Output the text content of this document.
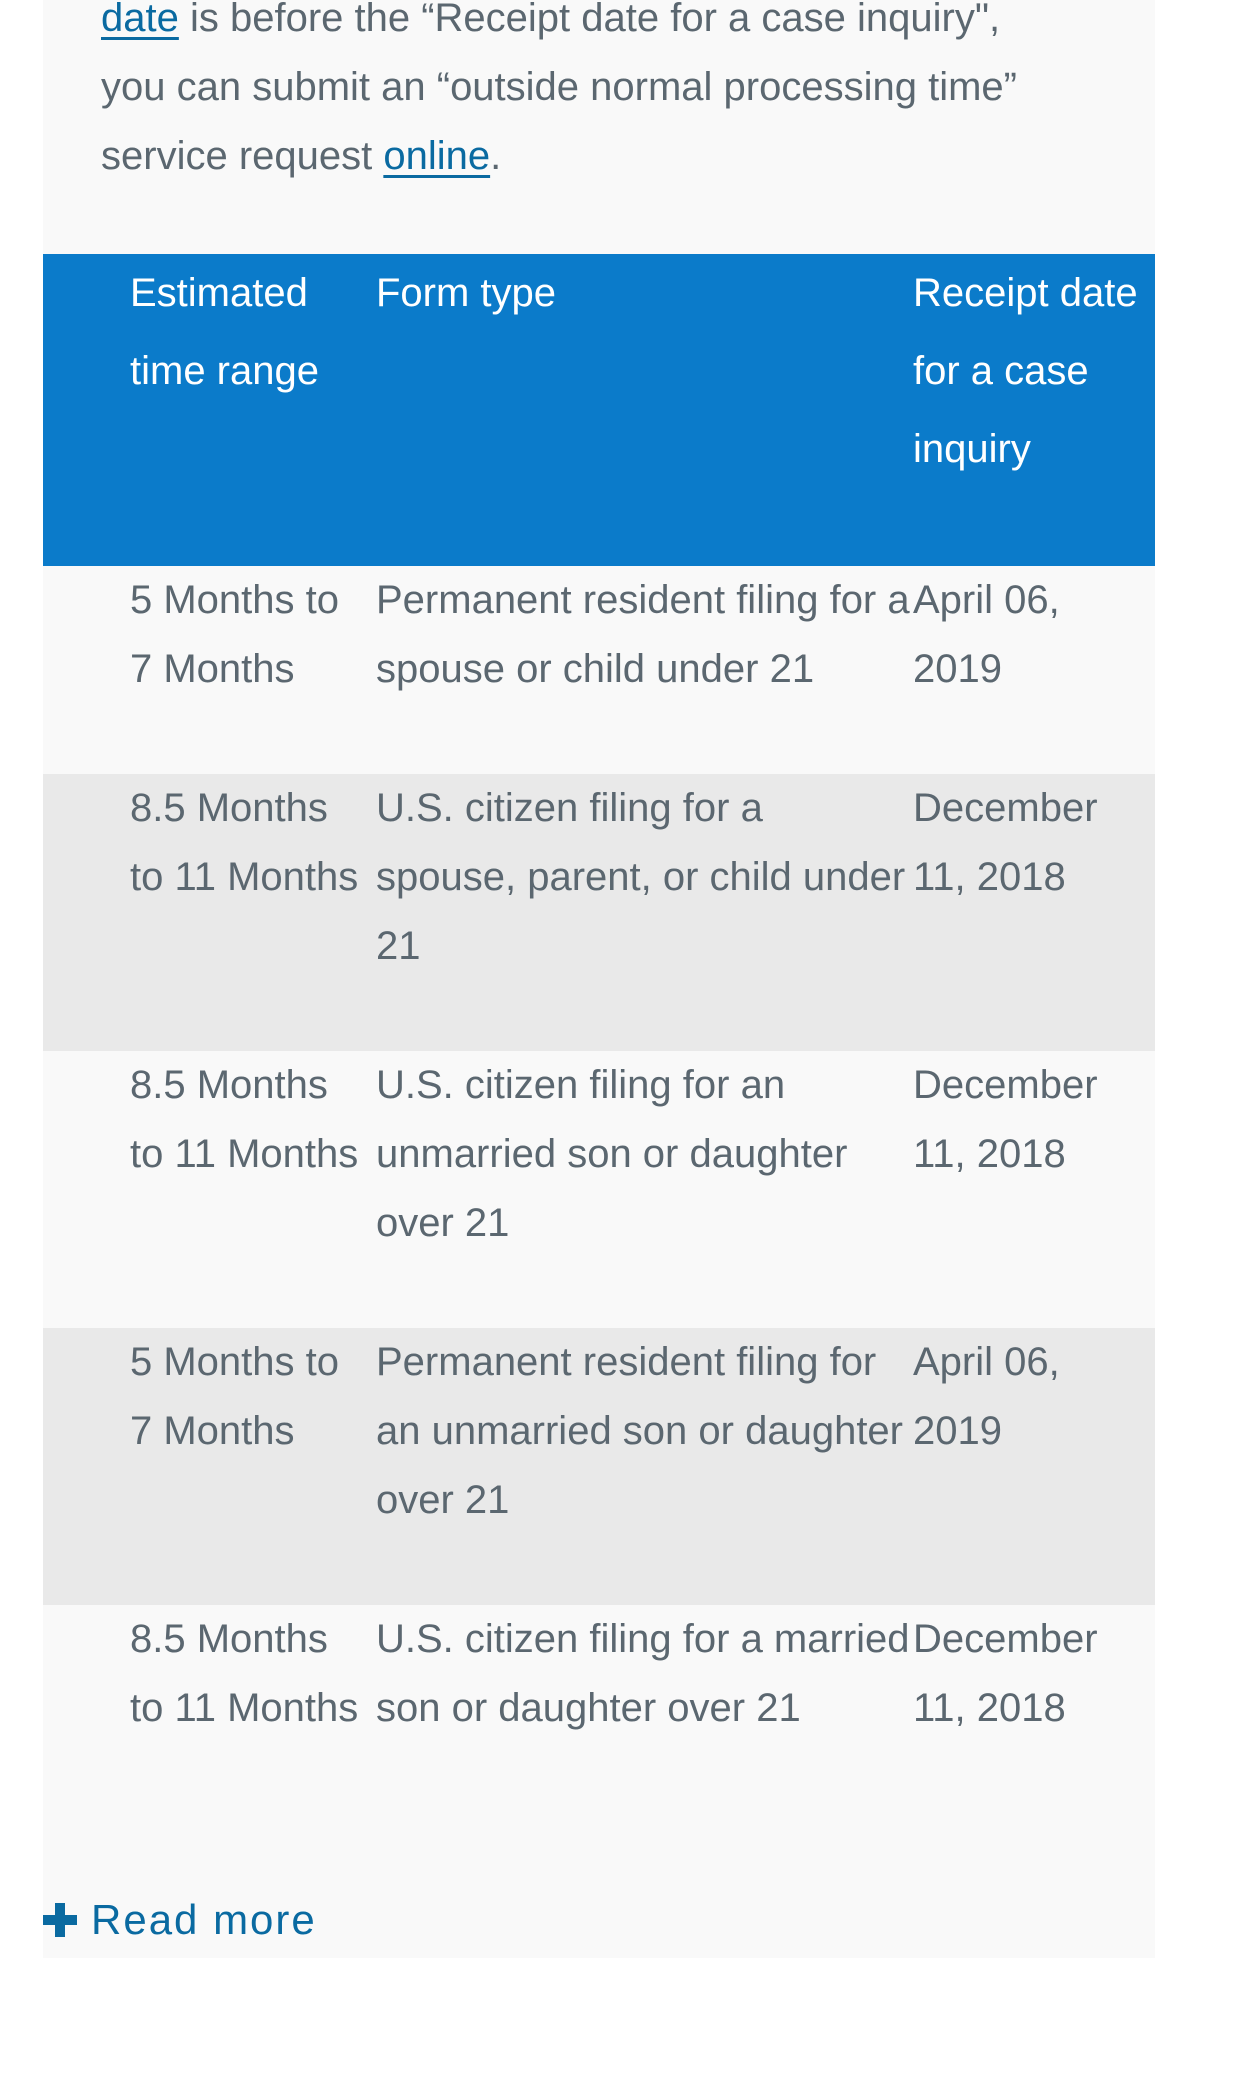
date is before the “Receipt date for a case inquiry", you can submit an “outside normal processing time” service request online.
Estimated time range	Form type	Receipt date for a case inquiry
5 Months to 7 Months	Permanent resident filing for a spouse or child under 21	April 06, 2019
8.5 Months to 11 Months	U.S. citizen filing for a spouse, parent, or child under 21	December 11, 2018
8.5 Months to 11 Months	U.S. citizen filing for an unmarried son or daughter over 21	December 11, 2018
5 Months to 7 Months	Permanent resident filing for an unmarried son or daughter over 21	April 06, 2019
8.5 Months to 11 Months	U.S. citizen filing for a married son or daughter over 21	December 11, 2018
Read more
